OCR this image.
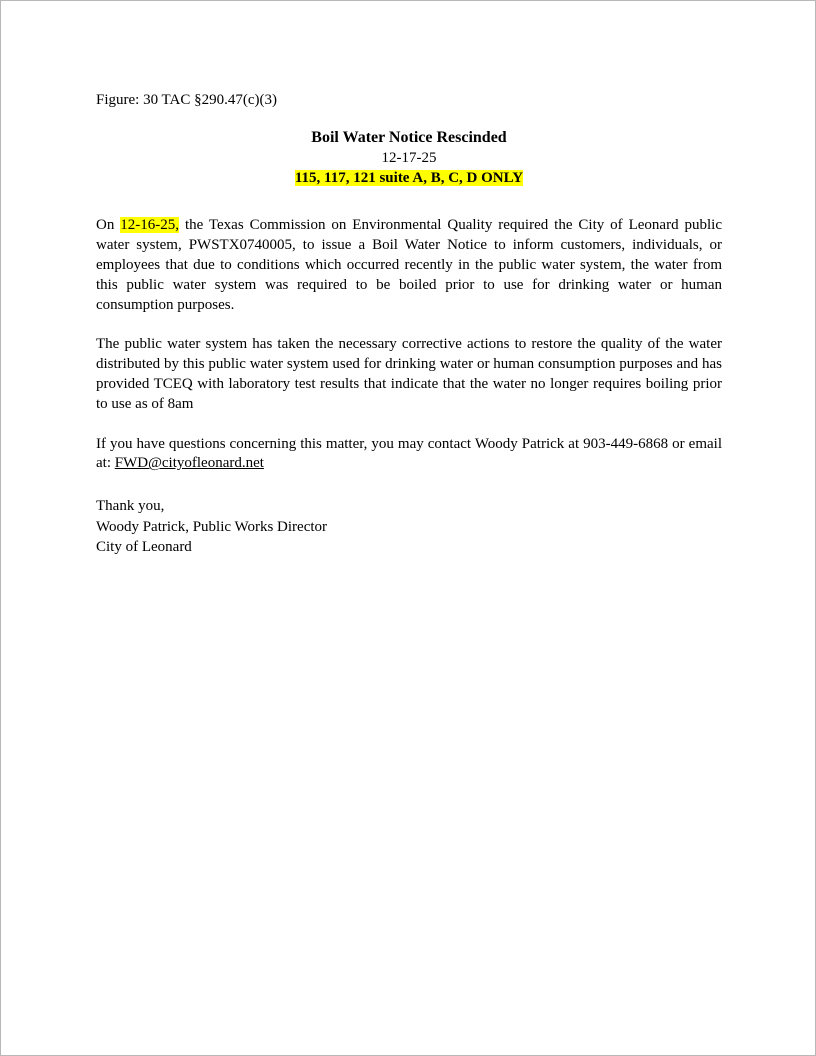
Figure: 30 TAC §290.47(c)(3)
Boil Water Notice Rescinded
12-17-25
115, 117, 121 suite A, B, C, D ONLY
On 12-16-25, the Texas Commission on Environmental Quality required the City of Leonard public water system, PWSTX0740005, to issue a Boil Water Notice to inform customers, individuals, or employees that due to conditions which occurred recently in the public water system, the water from this public water system was required to be boiled prior to use for drinking water or human consumption purposes.
The public water system has taken the necessary corrective actions to restore the quality of the water distributed by this public water system used for drinking water or human consumption purposes and has provided TCEQ with laboratory test results that indicate that the water no longer requires boiling prior to use as of 8am
If you have questions concerning this matter, you may contact Woody Patrick at 903-449-6868 or email at: FWD@cityofleonard.net
Thank you,
Woody Patrick, Public Works Director
City of Leonard
